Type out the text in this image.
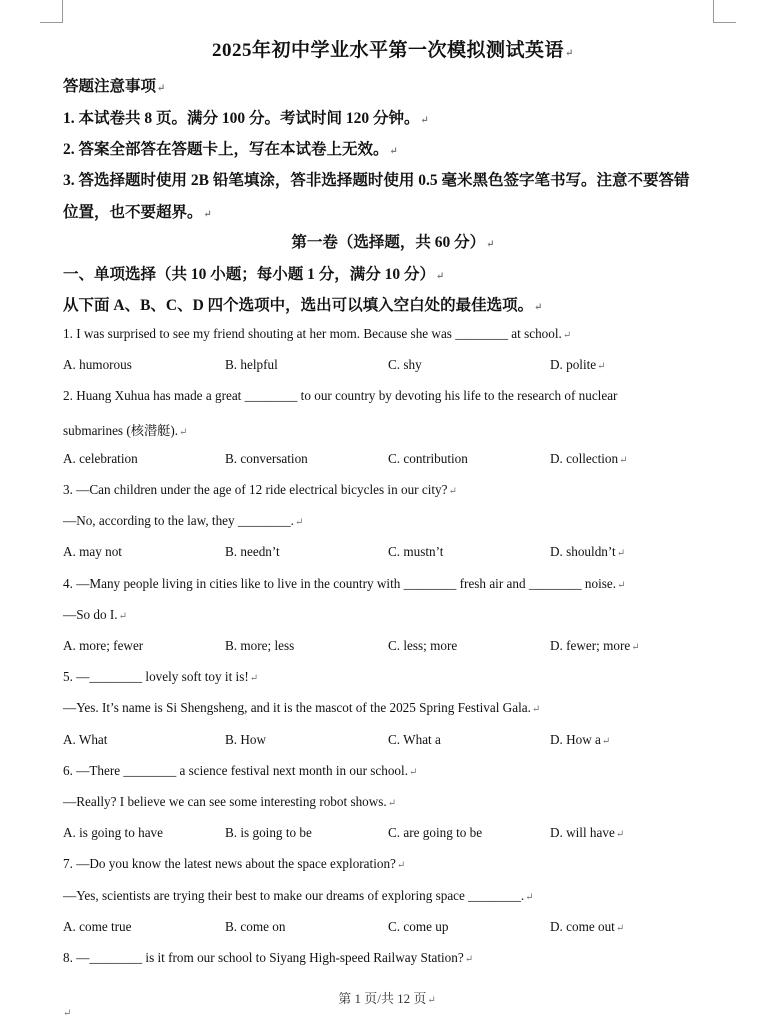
2025年初中学业水平第一次模拟测试英语↵
答题注意事项↵
1. 本试卷共 8 页。满分 100 分。考试时间 120 分钟。↵
2. 答案全部答在答题卡上，写在本试卷上无效。↵
3. 答选择题时使用 2B 铅笔填涂，答非选择题时使用 0.5 毫米黑色签字笔书写。注意不要答错
位置，也不要超界。↵
第一卷（选择题，共 60 分）↵
一、单项选择（共 10 小题；每小题 1 分，满分 10 分）↵
从下面 A、B、C、D 四个选项中，选出可以填入空白处的最佳选项。↵
1. I was surprised to see my friend shouting at her mom. Because she was ________ at school.↵
A. humorous	B. helpful	C. shy	D. polite↵
2. Huang Xuhua has made a great ________ to our country by devoting his life to the research of nuclear
submarines (核潜艇).↵
A. celebration	B. conversation	C. contribution	D. collection↵
3. —Can children under the age of 12 ride electrical bicycles in our city?↵
—No, according to the law, they ________.↵
A. may not	B. needn’t	C. mustn’t	D. shouldn’t↵
4. —Many people living in cities like to live in the country with ________ fresh air and ________ noise.↵
—So do I.↵
A. more; fewer	B. more; less	C. less; more	D. fewer; more↵
5. —________ lovely soft toy it is!↵
—Yes. It’s name is Si Shengsheng, and it is the mascot of the 2025 Spring Festival Gala.↵
A. What	B. How	C. What a	D. How a↵
6. —There ________ a science festival next month in our school.↵
—Really? I believe we can see some interesting robot shows.↵
A. is going to have	B. is going to be	C. are going to be	D. will have↵
7. —Do you know the latest news about the space exploration?↵
—Yes, scientists are trying their best to make our dreams of exploring space ________.↵
A. come true	B. come on	C. come up	D. come out↵
8. —________ is it from our school to Siyang High-speed Railway Station?↵
第 1 页/共 12 页↵
↵
